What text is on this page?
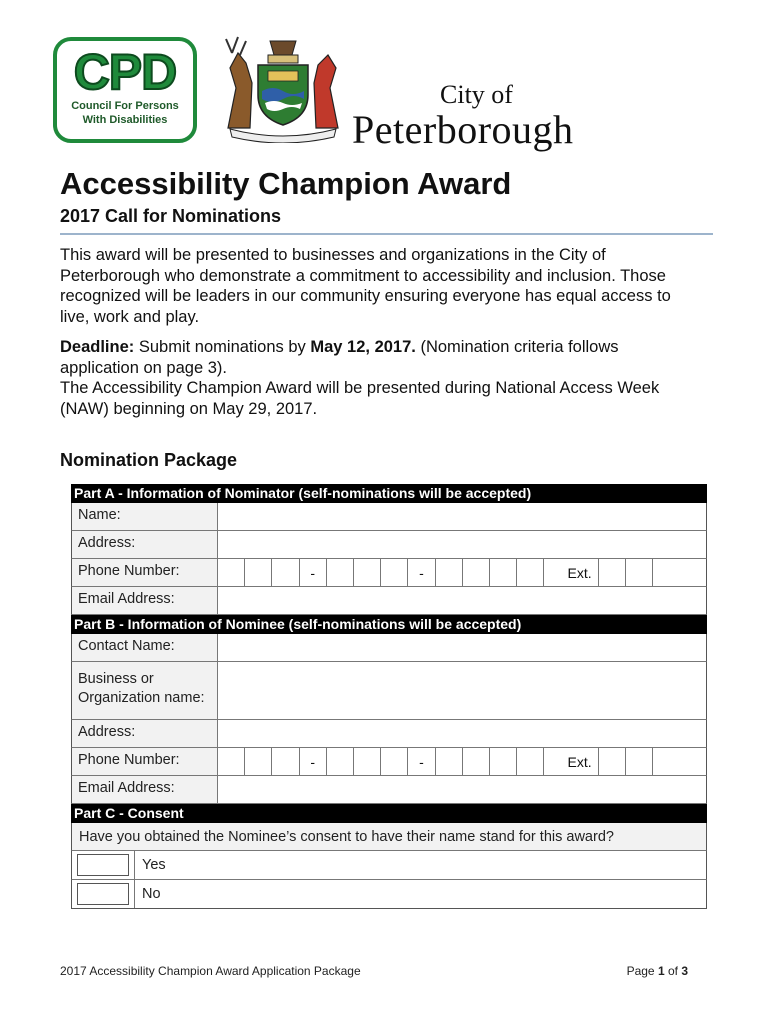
CPD
Council For Persons
With Disabilities
City of
Peterborough
Accessibility Champion Award
2017 Call for Nominations

This award will be presented to businesses and organizations in the City of Peterborough who demonstrate a commitment to accessibility and inclusion. Those recognized will be leaders in our community ensuring everyone has equal access to live, work and play.

Deadline: Submit nominations by May 12, 2017. (Nomination criteria follows application on page 3).

The Accessibility Champion Award will be presented during National Access Week (NAW) beginning on May 29, 2017.

Nomination Package
Part A - Information of Nominator (self-nominations will be accepted)
Name:
Address:
Phone Number:	-	-	Ext.
Email Address:
Part B - Information of Nominee (self-nominations will be accepted)
Contact Name:
Business or
Organization name:
Address:
Phone Number:	-	-	Ext.
Email Address:
Part C - Consent
Have you obtained the Nominee’s consent to have their name stand for this award?
Yes
No
2017 Accessibility Champion Award Application Package	Page 1 of 3
